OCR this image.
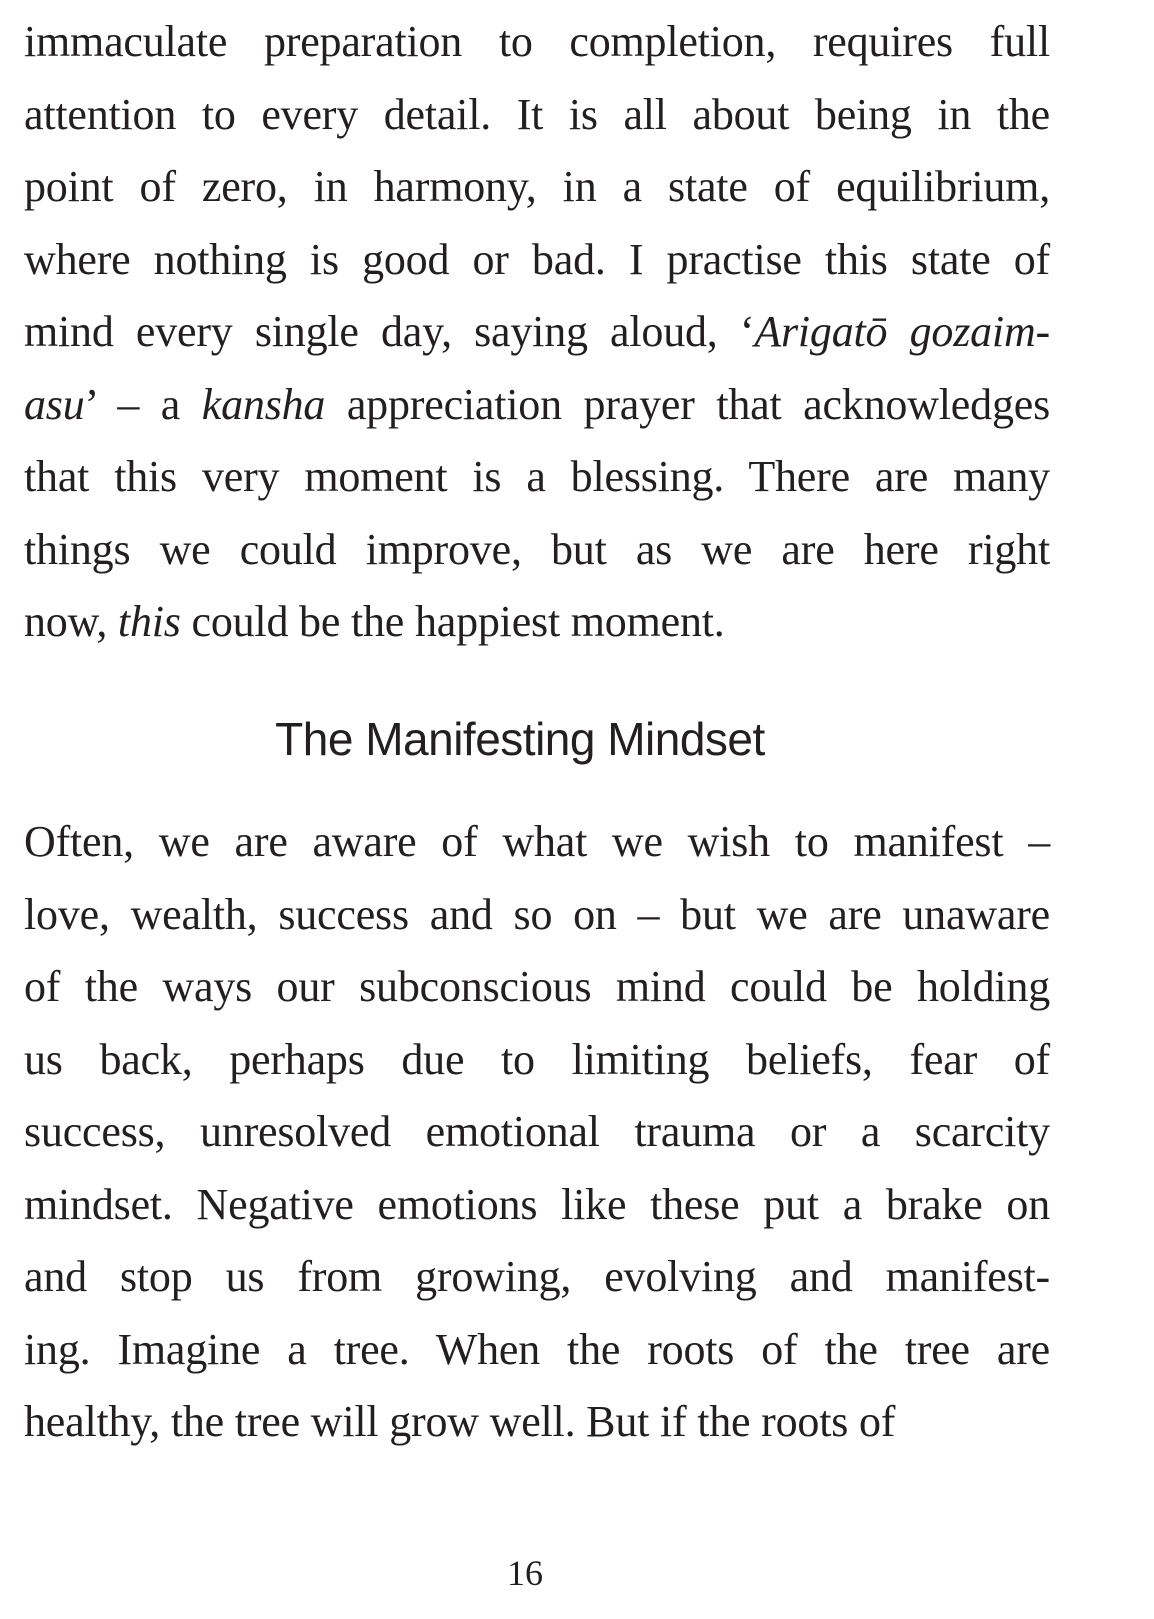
immaculate preparation to completion, requires full
attention to every detail. It is all about being in the
point of zero, in harmony, in a state of equilibrium,
where nothing is good or bad. I practise this state of
mind every single day, saying aloud, ‘Arigatō gozaim-
asu’ – a kansha appreciation prayer that acknowledges
that this very moment is a blessing. There are many
things we could improve, but as we are here right
now, this could be the happiest moment.

The Manifesting Mindset

Often, we are aware of what we wish to manifest –
love, wealth, success and so on – but we are unaware
of the ways our subconscious mind could be holding
us back, perhaps due to limiting beliefs, fear of
success, unresolved emotional trauma or a scarcity
mindset. Negative emotions like these put a brake on
and stop us from growing, evolving and manifest-
ing. Imagine a tree. When the roots of the tree are
healthy, the tree will grow well. But if the roots of

16
